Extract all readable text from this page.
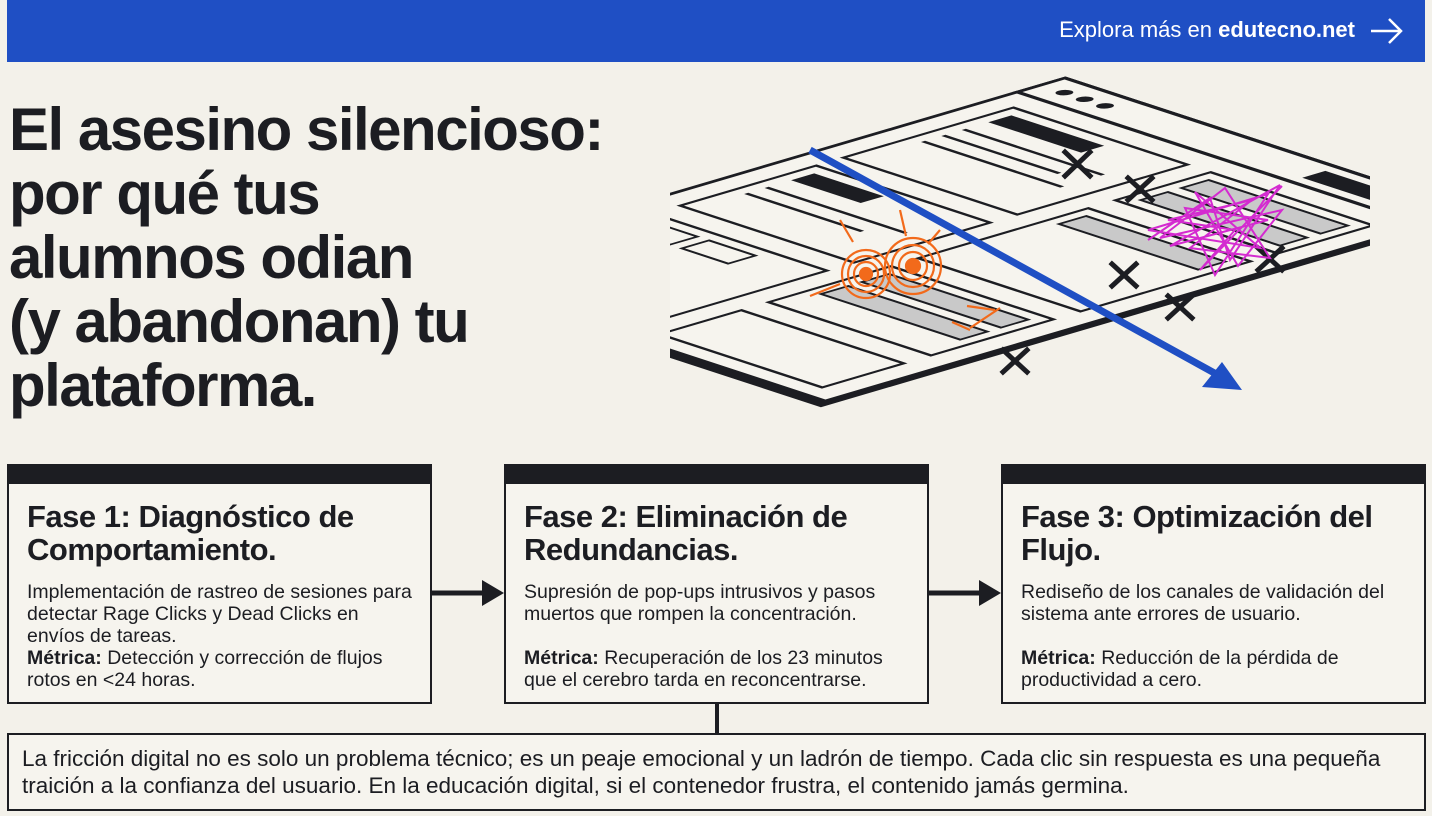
Explora más en edutecno.net
El asesino silencioso:
por qué tus
alumnos odian
(y abandonan) tu
plataforma.
Fase 1: Diagnóstico de Comportamiento.

Implementación de rastreo de sesiones para detectar Rage Clicks y Dead Clicks en envíos de tareas.

Métrica: Detección y corrección de flujos rotos en <24 horas.

Fase 2: Eliminación de Redundancias.

Supresión de pop-ups intrusivos y pasos muertos que rompen la concentración.

Métrica: Recuperación de los 23 minutos que el cerebro tarda en reconcentrarse.

Fase 3: Optimización del Flujo.

Rediseño de los canales de validación del sistema ante errores de usuario.

Métrica: Reducción de la pérdida de productividad a cero.

La fricción digital no es solo un problema técnico; es un peaje emocional y un ladrón de tiempo. Cada clic sin respuesta es una pequeña traición a la confianza del usuario. En la educación digital, si el contenedor frustra, el contenido jamás germina.
